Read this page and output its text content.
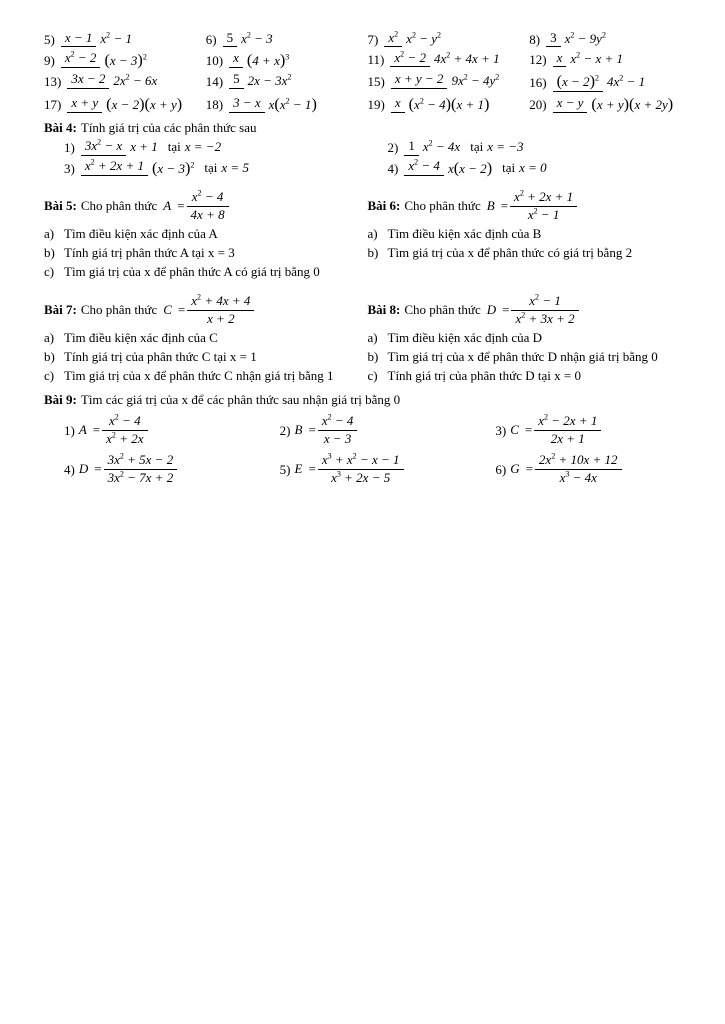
5) x − 1 $x^2 - 1$	6) 5 $x^2 - 3$	7) $x^2$ $x^2 - y^2$	8) 3 $x^2 - 9y^2$
9) $x^2 - 2$ $(x - 3)^2$	10) x $(4 + x)^3$	11) $x^2 - 2$ $4x^2 + 4x + 1$	12) x $x^2 - x + 1$
13) 3x − 2 $2x^2 - 6x$	14) 5 $2x - 3x^2$	15) x + y − 2 $9x^2 - 4y^2$	16) $(x - 2)^2$ $4x^2 - 1$
17) x + y (x − 2)(x + y)	18) 3 − x $x(x^2 - 1)$	19) x $(x^2 - 4)(x + 1)$	20) x − y (x + y)(x + 2y)
Bài 4: Tính giá trị của các phân thức sau
1) $3x^2 - x$ x + 1 tại x = −2	2) 1 $x^2 - 4x$ tại x = −3
3) $x^2 + 2x + 1$ $(x - 3)^2$ tại x = 5	4) $x^2 - 4$ x(x − 2) tại x = 0
Bài 5: Cho phân thức $A = \frac{x^2 - 4}{4x + 8}$
a) Tìm điều kiện xác định của A
b) Tính giá trị phân thức A tại x = 3
c) Tìm giá trị của x để phân thức A có giá trị bằng 0
Bài 6: Cho phân thức $B = \frac{x^2 + 2x + 1}{x^2 - 1}$
a) Tìm điều kiện xác định của B
b) Tìm giá trị của x để phân thức có giá trị bằng 2
Bài 7: Cho phân thức $C = \frac{x^2 + 4x + 4}{x + 2}$
a) Tìm điều kiện xác định của C
b) Tính giá trị của phân thức C tại x = 1
c) Tìm giá trị của x để phân thức C nhận giá trị bằng 1
Bài 8: Cho phân thức $D = \frac{x^2 - 1}{x^2 + 3x + 2}$
a) Tìm điều kiện xác định của D
b) Tìm giá trị của x để phân thức D nhận giá trị bằng 0
c) Tính giá trị của phân thức D tại x = 0
Bài 9: Tìm các giá trị của x để các phân thức sau nhận giá trị bằng 0
1) $A = \frac{x^2 - 4}{x^2 + 2x}$	2) $B = \frac{x^2 - 4}{x - 3}$	3) $C = \frac{x^2 - 2x + 1}{2x + 1}$
4) $D = \frac{3x^2 + 5x - 2}{3x^2 - 7x + 2}$	5) $E = \frac{x^3 + x^2 - x - 1}{x^3 + 2x - 5}$	6) $G = \frac{2x^2 + 10x + 12}{x^3 - 4x}$
